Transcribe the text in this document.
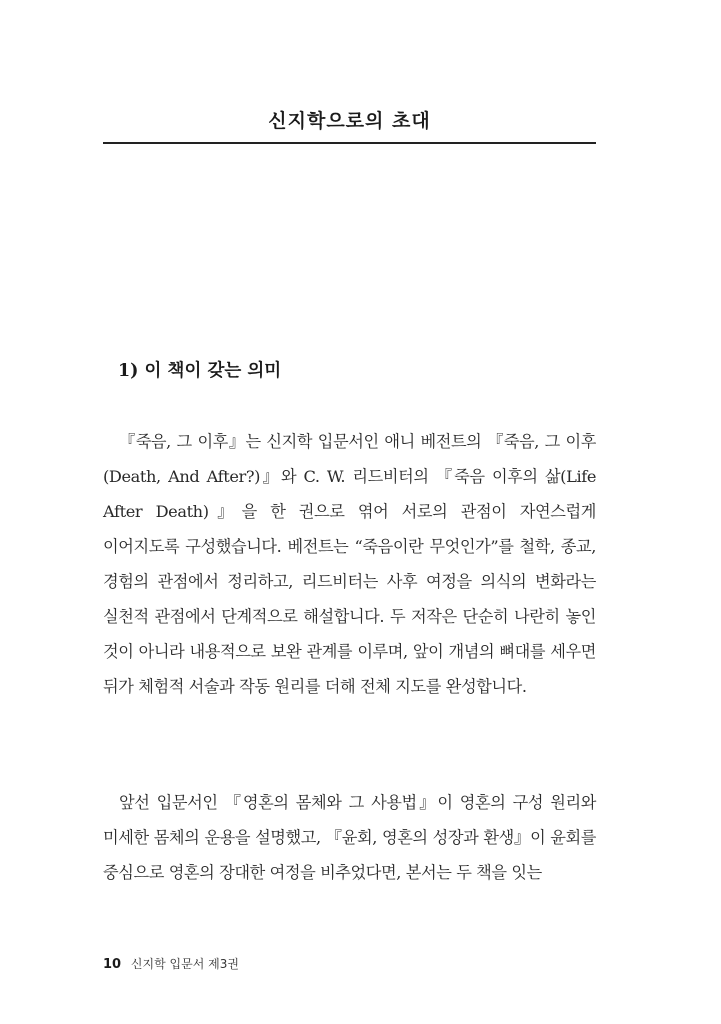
신지학으로의 초대
1) 이 책이 갖는 의미

『죽음, 그 이후』는 신지학 입문서인 애니 베전트의 『죽음, 그 이후(Death, And After?)』와 C. W. 리드비터의 『죽음 이후의 삶(Life After Death)』을 한 권으로 엮어 서로의 관점이 자연스럽게 이어지도록 구성했습니다. 베전트는 “죽음이란 무엇인가”를 철학, 종교, 경험의 관점에서 정리하고, 리드비터는 사후 여정을 의식의 변화라는 실천적 관점에서 단계적으로 해설합니다. 두 저작은 단순히 나란히 놓인 것이 아니라 내용적으로 보완 관계를 이루며, 앞이 개념의 뼈대를 세우면 뒤가 체험적 서술과 작동 원리를 더해 전체 지도를 완성합니다.

앞선 입문서인 『영혼의 몸체와 그 사용법』이 영혼의 구성 원리와 미세한 몸체의 운용을 설명했고, 『윤회, 영혼의 성장과 환생』이 윤회를 중심으로 영혼의 장대한 여정을 비추었다면, 본서는 두 책을 잇는

10 신지학 입문서 제3권
